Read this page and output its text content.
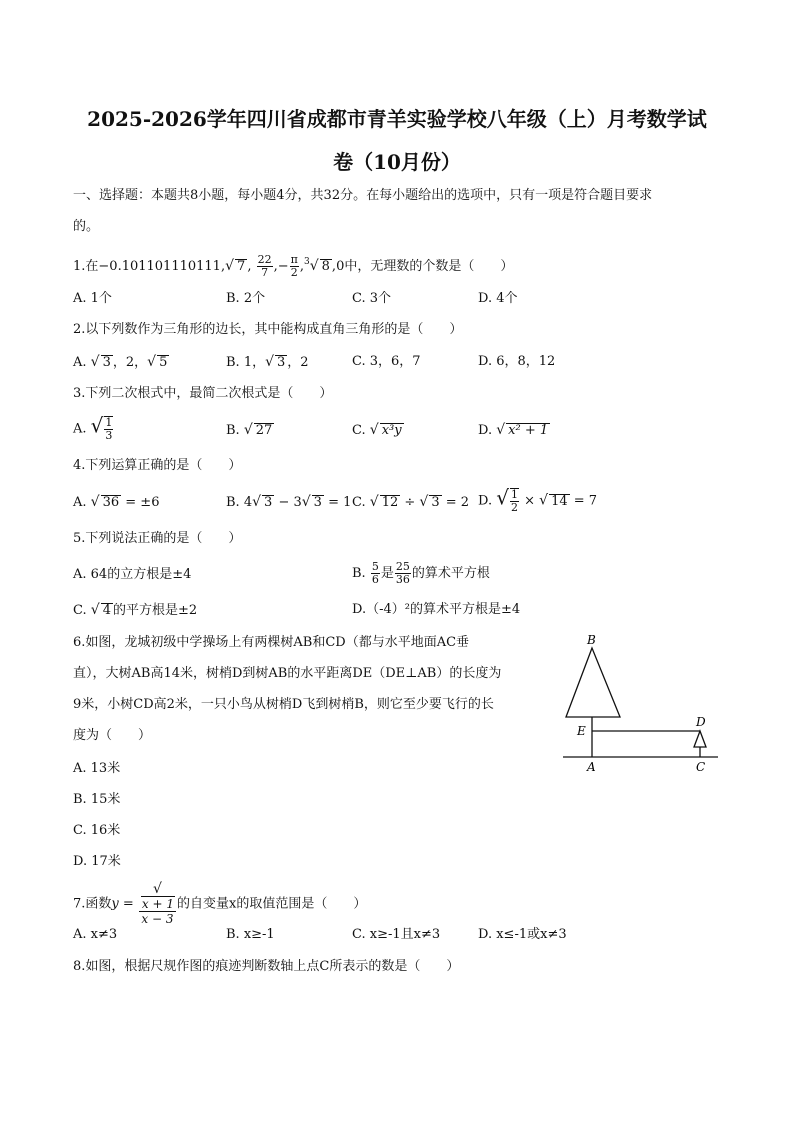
2025-2026学年四川省成都市青羊实验学校八年级（上）月考数学试
卷（10月份）
一、选择题：本题共8小题，每小题4分，共32分。在每小题给出的选项中，只有一项是符合题目要求
的。
1.在−0.101101110111,√ 7 , $\frac{22}{7}$ ,− $\frac{\pi}{2} ,^3√$ 8 ,0中，无理数的个数是（　　）
A. 1个	B. 2个	C. 3个	D. 4个
2.以下列数作为三角形的边长，其中能构成直角三角形的是（　　）
A. √ 3 ，2，√ 5	B. 1，√ 3 ，2	C. 3，6，7	D. 6，8，12
3.下列二次根式中，最简二次根式是（　　）
A. √ $\frac{1}{3}$	B. √ 27	C. √ x³y	D. √ x² + 1
4.下列运算正确的是（　　）
A. √ 36 = ±6	B. 4√ 3 − 3√ 3 = 1 C. √ 12 ÷ √ 3 = 2 D. √ $\frac{1}{2}$ × √ 14 = 7
5.下列说法正确的是（　　）
A. 64的立方根是±4	B. $\frac{5}{6}$ 是 $\frac{25}{36}$ 的算术平方根
C. √ 4 的平方根是±2	D.（-4）²的算术平方根是±4
6.如图，龙城初级中学操场上有两棵树AB和CD（都与水平地面AC垂
直），大树AB高14米，树梢D到树AB的水平距离DE（DE⊥AB）的长度为
9米，小树CD高2米，一只小鸟从树梢D飞到树梢B，则它至少要飞行的长
度为（　　）
A. 13米
B. 15米
C. 16米
D. 17米
B
E
A
D
C
7.函数y = √
x + 1
x − 3 的自变量x的取值范围是（　　）
A. x≠3	B. x≥-1	C. x≥-1且x≠3	D. x≤-1或x≠3
8.如图，根据尺规作图的痕迹判断数轴上点C所表示的数是（　　）
